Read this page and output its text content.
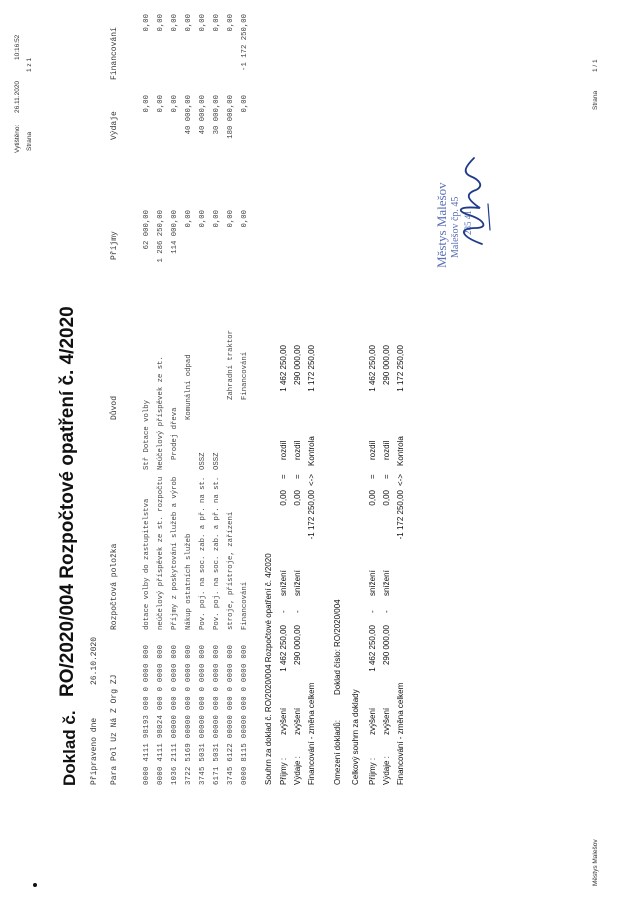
Vytištěno:
26.11.2020
10:16:52
Strana
1 z 1
Doklad č.
RO/2020/004 Rozpočtové opatření č. 4/2020
Připraveno dne
26.10.2020
Para Pol Uz Ná Z Org ZJ
Rozpočtová položka
Důvod
Příjmy
Výdaje
Financování
0000 4111 98193 000 0 0000 000
dotace volby do zastupitelstva
Stř Dotace volby
62 000,00
0,00
0,00
0000 4111 98024 000 0 0000 000
neúčelový příspěvek ze st. rozpočtu
Neúčelový příspěvek ze st.
1 286 250,00
0,00
0,00
1036 2111 00000 000 0 0000 000
Příjmy z poskytování služeb a výrob
Prodej dřeva
114 000,00
0,00
0,00
3722 5169 00000 000 0 0000 000
Nákup ostatních služeb
Komunální odpad
0,00
40 000,00
0,00
3745 5031 00000 000 0 0000 000
Pov. poj. na soc. zab. a př. na st.
OSSZ
0,00
40 000,00
0,00
6171 5031 00000 000 0 0000 000
Pov. poj. na soc. zab. a př. na st.
OSSZ
0,00
30 000,00
0,00
3745 6122 00000 000 0 0000 000
stroje, přístroje, zařízení
Zahradní traktor
0,00
180 000,00
0,00
0000 8115 00000 000 0 0000 000
Financování
Financování
0,00
0,00
-1 172 250,00
Souhrn za doklad č. RO/2020/004 Rozpočtové opatření č. 4/2020 Příjmy :
zvýšení
1 462 250,00
-
snížení
0,00
=
rozdíl
1 462 250,00
Výdaje :
zvýšení
290 000,00
-
snížení
0,00
=
rozdíl
290 000,00
Financování - změna celkem
-1 172 250,00
<->
Kontrola
1 172 250,00
Omezení dokladů:
Doklad číslo: RO/2020/004
Celkový souhrn za doklady Příjmy :
zvýšení
1 462 250,00
-
snížení
0,00
=
rozdíl
1 462 250,00
Výdaje :
zvýšení
290 000,00
-
snížení
0,00
=
rozdíl
290 000,00
Financování - změna celkem
-1 172 250,00
<->
Kontrola
1 172 250,00
Městys Malešov Malešov čp. 45 285 41
Městys Malešov
Strana
1 / 1
